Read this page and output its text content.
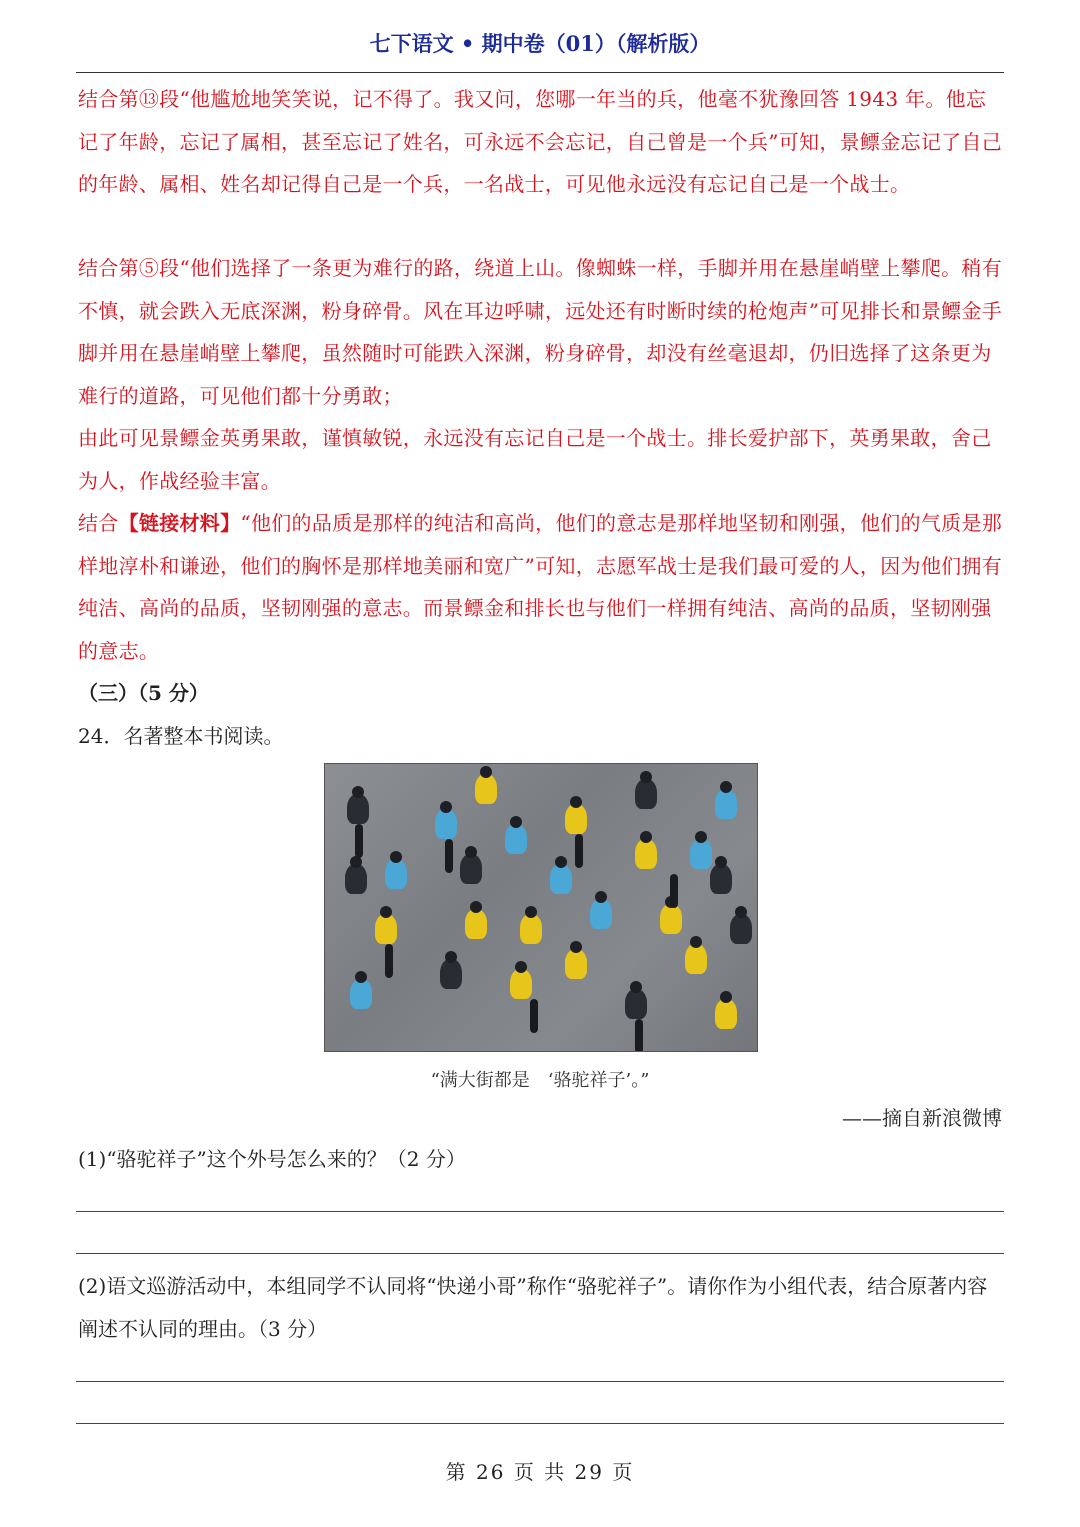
七下语文 • 期中卷（01）（解析版）
结合第⑬段“他尴尬地笑笑说，记不得了。我又问，您哪一年当的兵，他毫不犹豫回答 1943 年。他忘记了年龄，忘记了属相，甚至忘记了姓名，可永远不会忘记，自己曾是一个兵”可知，景鳔金忘记了自己的年龄、属相、姓名却记得自己是一个兵，一名战士，可见他永远没有忘记自己是一个战士。
结合第⑤段“他们选择了一条更为难行的路，绕道上山。像蜘蛛一样，手脚并用在悬崖峭壁上攀爬。稍有不慎，就会跌入无底深渊，粉身碎骨。风在耳边呼啸，远处还有时断时续的枪炮声”可见排长和景鳔金手脚并用在悬崖峭壁上攀爬，虽然随时可能跌入深渊，粉身碎骨，却没有丝毫退却，仍旧选择了这条更为难行的道路，可见他们都十分勇敢；
由此可见景鳔金英勇果敢，谨慎敏锐，永远没有忘记自己是一个战士。排长爱护部下，英勇果敢，舍己为人，作战经验丰富。
结合【链接材料】“他们的品质是那样的纯洁和高尚，他们的意志是那样地坚韧和刚强，他们的气质是那样地淳朴和谦逊，他们的胸怀是那样地美丽和宽广”可知，志愿军战士是我们最可爱的人，因为他们拥有纯洁、高尚的品质，坚韧刚强的意志。而景鳔金和排长也与他们一样拥有纯洁、高尚的品质，坚韧刚强的意志。
（三）（5 分）
24．名著整本书阅读。
“满大街都是　‘骆驼祥子’。”
——摘自新浪微博
(1)“骆驼祥子”这个外号怎么来的？（2 分）
(2)语文巡游活动中，本组同学不认同将“快递小哥”称作“骆驼祥子”。请你作为小组代表，结合原著内容阐述不认同的理由。（3 分）
第 26 页 共 29 页
